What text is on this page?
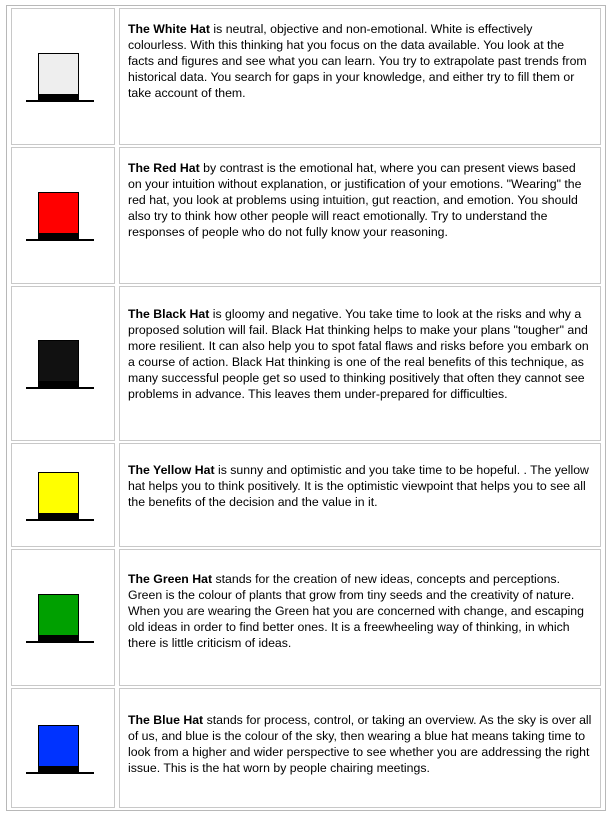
The White Hat is neutral, objective and non-emotional. White is effectively colourless. With this thinking hat you focus on the data available. You look at the facts and figures and see what you can learn. You try to extrapolate past trends from historical data. You search for gaps in your knowledge, and either try to fill them or take account of them.
The Red Hat by contrast is the emotional hat, where you can present views based on your intuition without explanation, or justification of your emotions. "Wearing" the red hat, you look at problems using intuition, gut reaction, and emotion. You should also try to think how other people will react emotionally. Try to understand the responses of people who do not fully know your reasoning.
The Black Hat is gloomy and negative. You take time to look at the risks and why a proposed solution will fail. Black Hat thinking helps to make your plans "tougher" and more resilient. It can also help you to spot fatal flaws and risks before you embark on a course of action. Black Hat thinking is one of the real benefits of this technique, as many successful people get so used to thinking positively that often they cannot see problems in advance. This leaves them under-prepared for difficulties.
The Yellow Hat is sunny and optimistic and you take time to be hopeful. . The yellow hat helps you to think positively. It is the optimistic viewpoint that helps you to see all the benefits of the decision and the value in it.
The Green Hat stands for the creation of new ideas, concepts and perceptions. Green is the colour of plants that grow from tiny seeds and the creativity of nature. When you are wearing the Green hat you are concerned with change, and escaping old ideas in order to find better ones. It is a freewheeling way of thinking, in which there is little criticism of ideas.
The Blue Hat stands for process, control, or taking an overview. As the sky is over all of us, and blue is the colour of the sky, then wearing a blue hat means taking time to look from a higher and wider perspective to see whether you are addressing the right issue. This is the hat worn by people chairing meetings.
